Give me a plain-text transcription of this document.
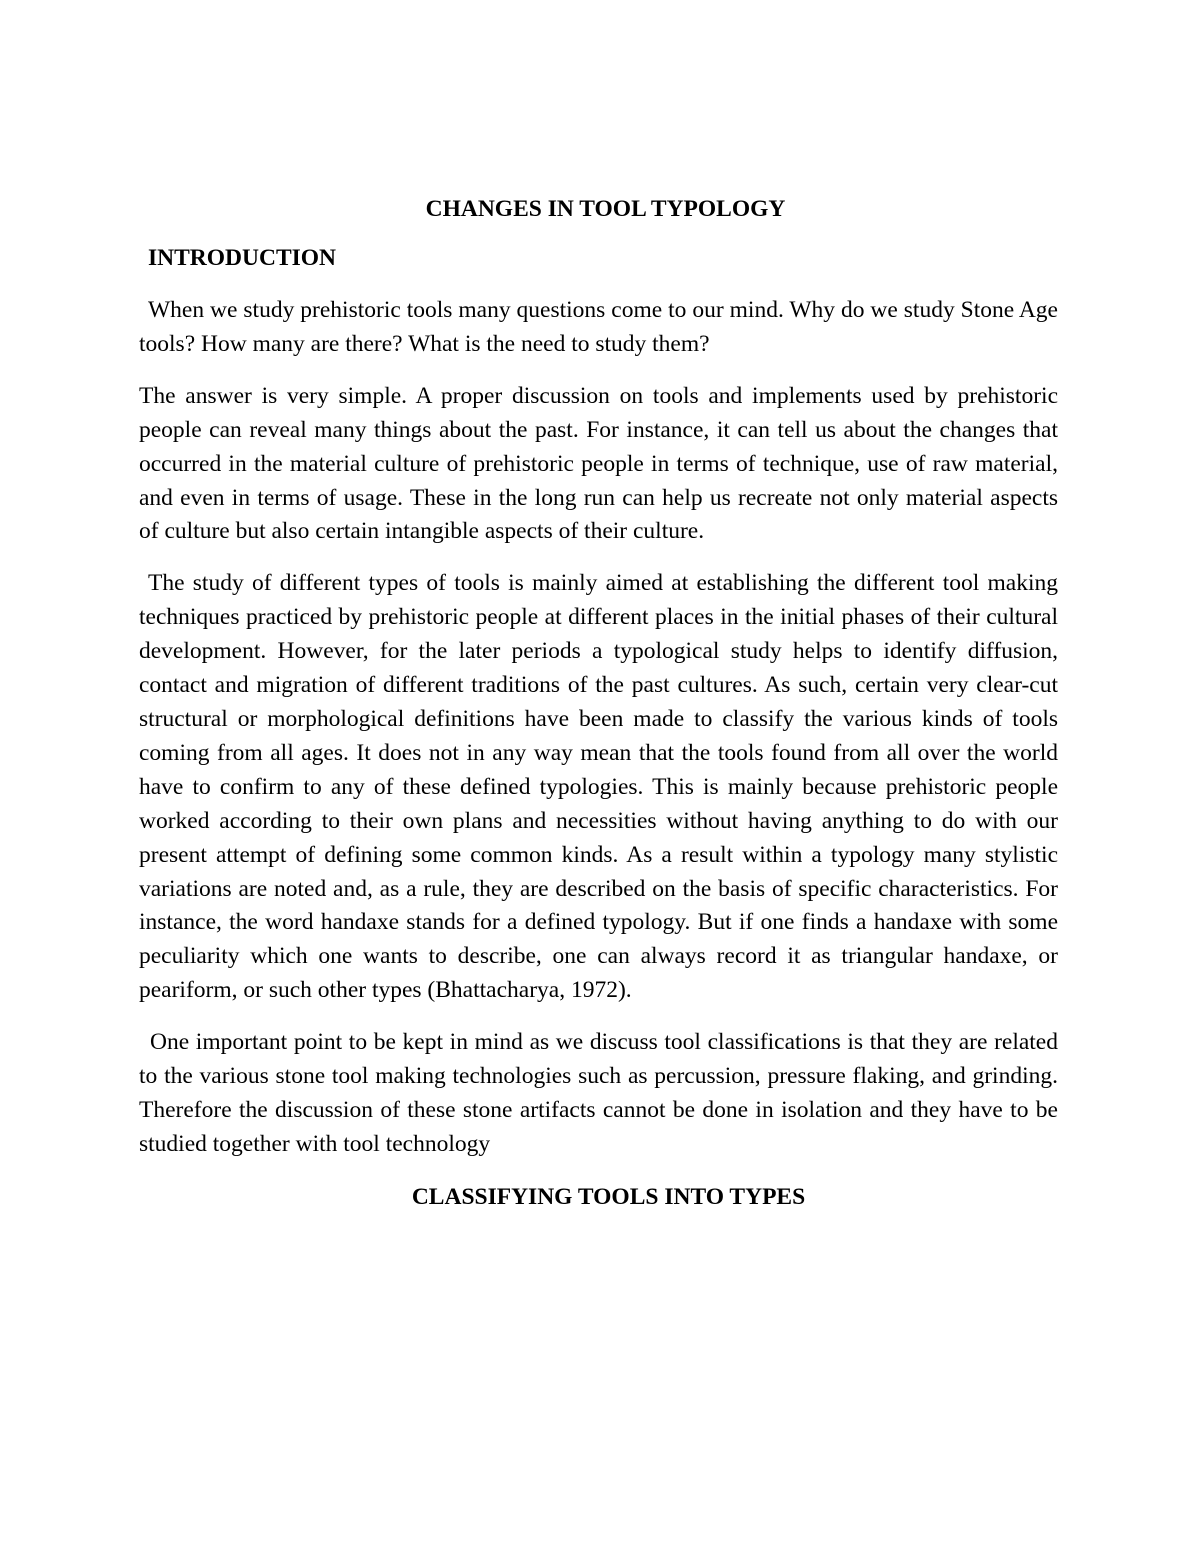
CHANGES IN TOOL TYPOLOGY
INTRODUCTION

When we study prehistoric tools many questions come to our mind. Why do we study Stone Age tools? How many are there? What is the need to study them?

The answer is very simple. A proper discussion on tools and implements used by prehistoric people can reveal many things about the past. For instance, it can tell us about the changes that occurred in the material culture of prehistoric people in terms of technique, use of raw material, and even in terms of usage. These in the long run can help us recreate not only material aspects of culture but also certain intangible aspects of their culture.

The study of different types of tools is mainly aimed at establishing the different tool making techniques practiced by prehistoric people at different places in the initial phases of their cultural development. However, for the later periods a typological study helps to identify diffusion, contact and migration of different traditions of the past cultures. As such, certain very clear-cut structural or morphological definitions have been made to classify the various kinds of tools coming from all ages. It does not in any way mean that the tools found from all over the world have to confirm to any of these defined typologies. This is mainly because prehistoric people worked according to their own plans and necessities without having anything to do with our present attempt of defining some common kinds. As a result within a typology many stylistic variations are noted and, as a rule, they are described on the basis of specific characteristics. For instance, the word handaxe stands for a defined typology. But if one finds a handaxe with some peculiarity which one wants to describe, one can always record it as triangular handaxe, or peariform, or such other types (Bhattacharya, 1972).

One important point to be kept in mind as we discuss tool classifications is that they are related to the various stone tool making technologies such as percussion, pressure flaking, and grinding. Therefore the discussion of these stone artifacts cannot be done in isolation and they have to be studied together with tool technology

CLASSIFYING TOOLS INTO TYPES
